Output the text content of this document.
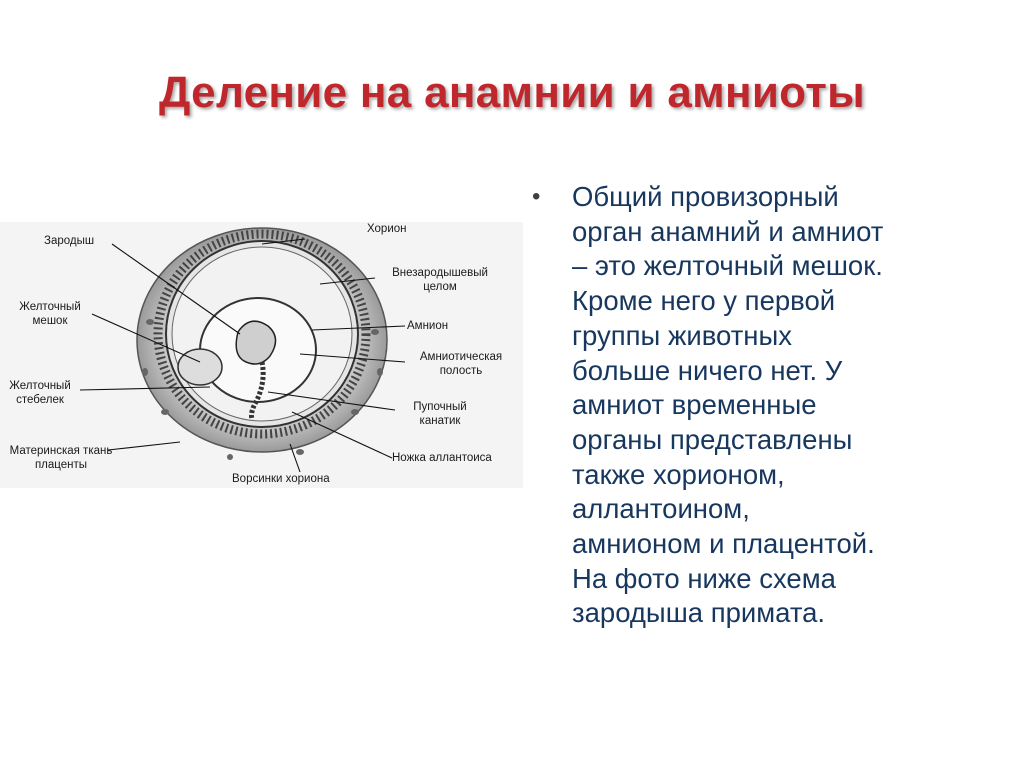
Деление на анамнии и амниоты
• Общий провизорный
орган анамний и амниот
– это желточный мешок.
Кроме него у первой
группы животных
больше ничего нет. У
амниот временные
органы представлены
также хорионом,
аллантоином,
амнионом и плацентой.
На фото ниже схема
зародыша примата.
Хорион
Зародыш
Внезародышевый
целом
Желточный
мешок	Амнион
Амниотическая
полость
Желточный
стебелек
Пупочный
канатик
Материнская ткань
плаценты
Ножка аллантоиса
Ворсинки хориона
